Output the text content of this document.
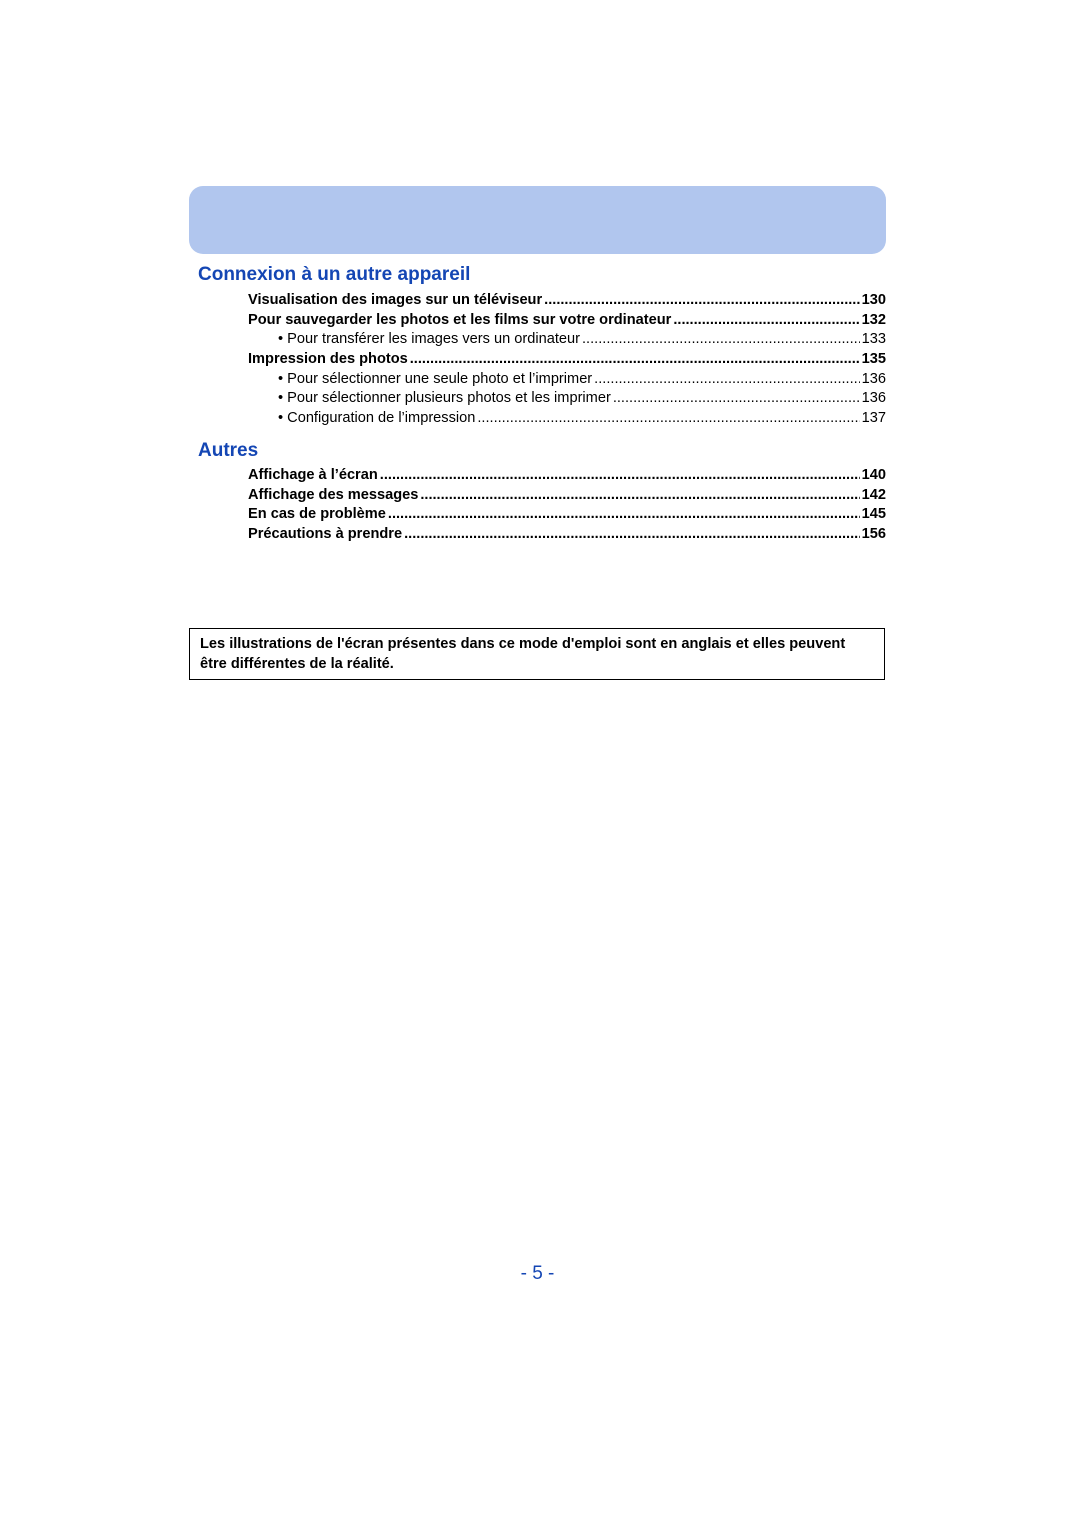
Connexion à un autre appareil
Visualisation des images sur un téléviseur .....	130
Pour sauvegarder les photos et les films sur votre ordinateur .....	132
• Pour transférer les images vers un ordinateur .....	133
Impression des photos .....	135
• Pour sélectionner une seule photo et l’imprimer .....	136
• Pour sélectionner plusieurs photos et les imprimer .....	136
• Configuration de l’impression .....	137
Autres
Affichage à l’écran .....	140
Affichage des messages .....	142
En cas de problème .....	145
Précautions à prendre .....	156
Les illustrations de l'écran présentes dans ce mode d'emploi sont en anglais et elles peuvent être différentes de la réalité.
- 5 -
